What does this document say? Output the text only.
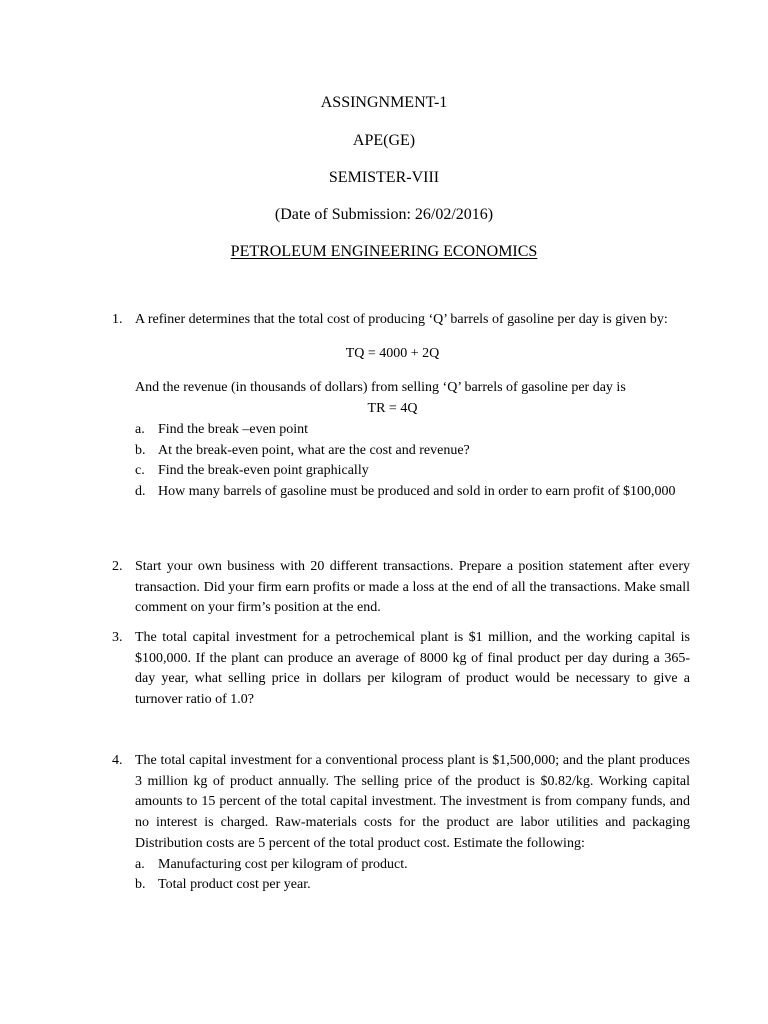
ASSINGNMENT-1
APE(GE)
SEMISTER-VIII
(Date of Submission: 26/02/2016)
PETROLEUM ENGINEERING ECONOMICS
1. A refiner determines that the total cost of producing ‘Q’ barrels of gasoline per day is given by:

TQ = 4000 + 2Q

And the revenue (in thousands of dollars) from selling ‘Q’ barrels of gasoline per day is

TR = 4Q

a. Find the break –even point
b. At the break-even point, what are the cost and revenue?
c. Find the break-even point graphically
d. How many barrels of gasoline must be produced and sold in order to earn profit of $100,000
2. Start your own business with 20 different transactions. Prepare a position statement after every transaction. Did your firm earn profits or made a loss at the end of all the transactions. Make small comment on your firm’s position at the end.

3. The total capital investment for a petrochemical plant is $1 million, and the working capital is $100,000. If the plant can produce an average of 8000 kg of final product per day during a 365-day year, what selling price in dollars per kilogram of product would be necessary to give a turnover ratio of 1.0?

4. The total capital investment for a conventional process plant is $1,500,000; and the plant produces 3 million kg of product annually. The selling price of the product is $0.82/kg. Working capital amounts to 15 percent of the total capital investment. The investment is from company funds, and no interest is charged. Raw-materials costs for the product are labor utilities and packaging Distribution costs are 5 percent of the total product cost. Estimate the following:

a. Manufacturing cost per kilogram of product.
b. Total product cost per year.
